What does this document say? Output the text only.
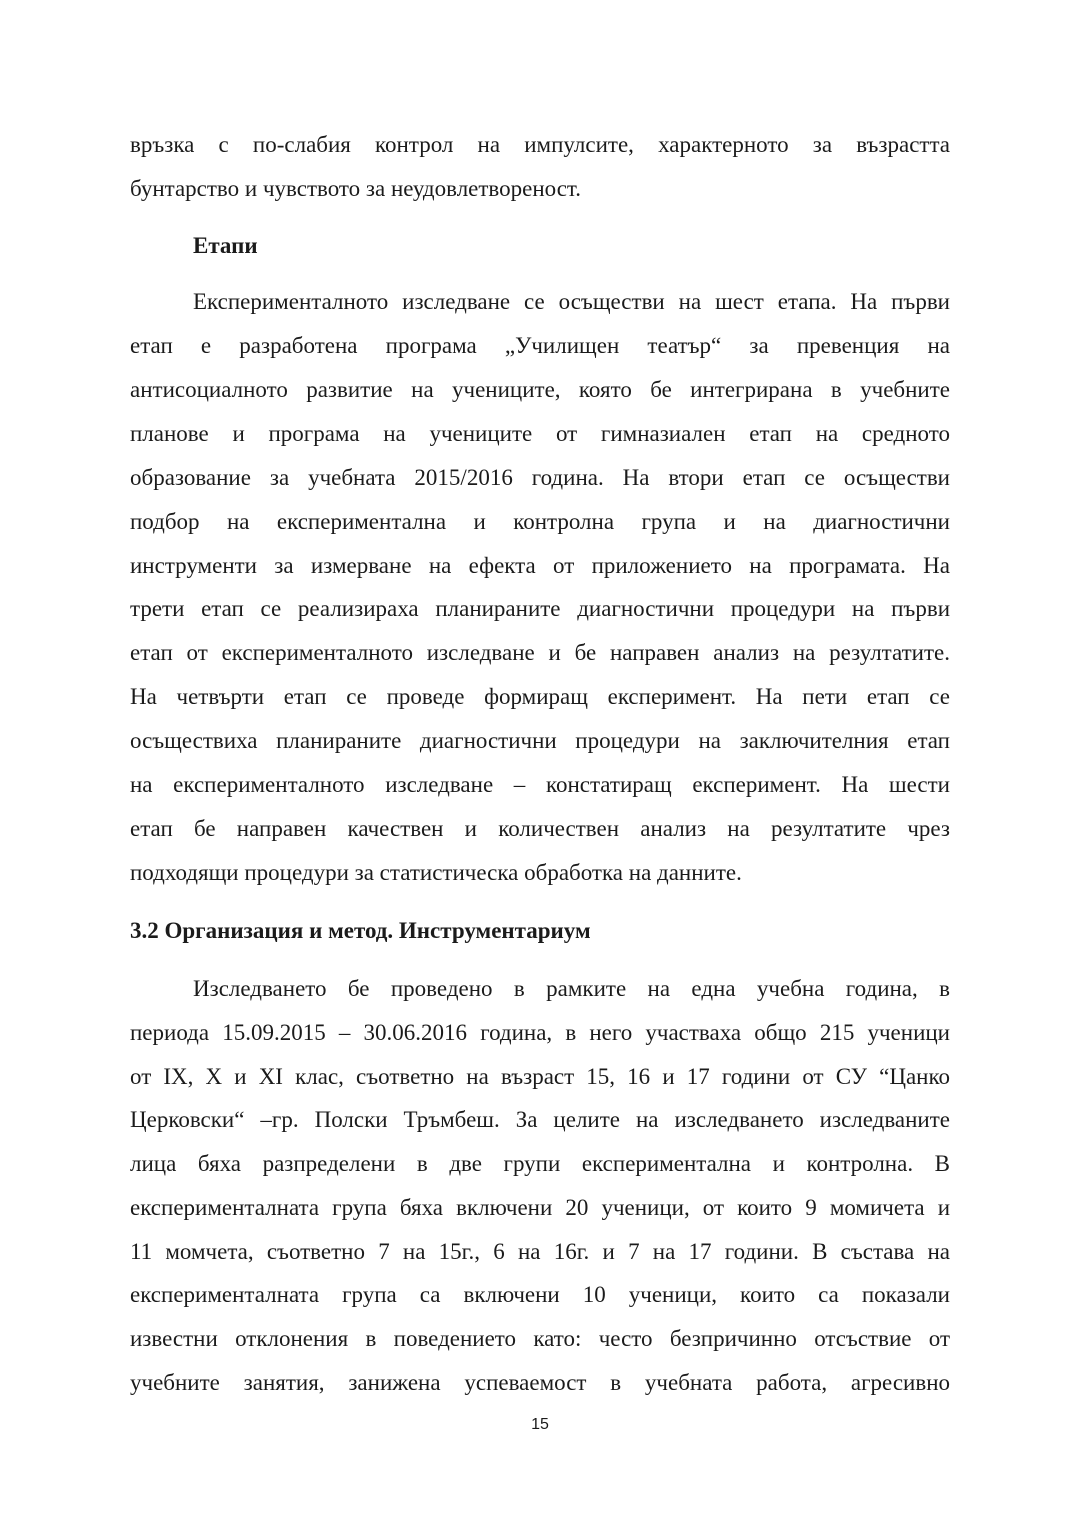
връзка с по-слабия контрол на импулсите, характерното за възрастта
бунтарство и чувството за неудовлетвореност.
Етапи
Експерименталното изследване се осъществи на шест етапа. На първи
етап е разработена програма „Училищен театър“ за превенция на
антисоциалното развитие на учениците, която бе интегрирана в учебните
планове и програма на учениците от гимназиален етап на средното
образование за учебната 2015/2016 година. На втори етап се осъществи
подбор на експериментална и контролна група и на диагностични
инструменти за измерване на ефекта от приложението на програмата. На
трети етап се реализираха планираните диагностични процедури на първи
етап от експерименталното изследване и бе направен анализ на резултатите.
На четвърти етап се проведе формиращ експеримент. На пети етап се
осъществиха планираните диагностични процедури на заключителния етап
на експерименталното изследване – констатиращ експеримент. На шести
етап бе направен качествен и количествен анализ на резултатите чрез
подходящи процедури за статистическа обработка на данните.
3.2 Организация и метод. Инструментариум
Изследването бе проведено в рамките на една учебна година, в
периода 15.09.2015 – 30.06.2016 година, в него участваха общо 215 ученици
от IX, X и XI клас, съответно на възраст 15, 16 и 17 години от СУ “Цанко
Церковски“ –гр. Полски Тръмбеш. За целите на изследването изследваните
лица бяха разпределени в две групи експериментална и контролна. В
експерименталната група бяха включени 20 ученици, от които 9 момичета и
11 момчета, съответно 7 на 15г., 6 на 16г. и 7 на 17 години. В състава на
експерименталната група са включени 10 ученици, които са показали
известни отклонения в поведението като: често безпричинно отсъствие от
учебните занятия, занижена успеваемост в учебната работа, агресивно
15
